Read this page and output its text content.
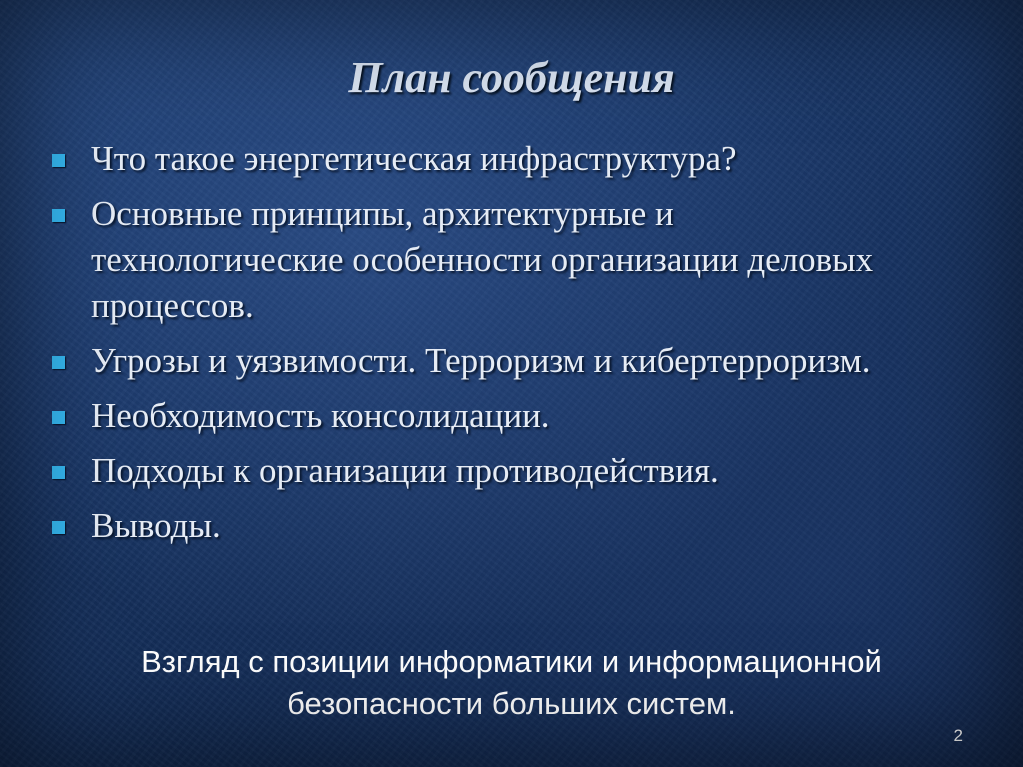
План сообщения
Что такое энергетическая инфраструктура?
Основные принципы, архитектурные и технологические особенности организации деловых процессов.
Угрозы и уязвимости. Терроризм и кибертерроризм.
Необходимость консолидации.
Подходы к организации противодействия.
Выводы.

Взгляд с позиции информатики и информационной безопасности больших систем.

2
